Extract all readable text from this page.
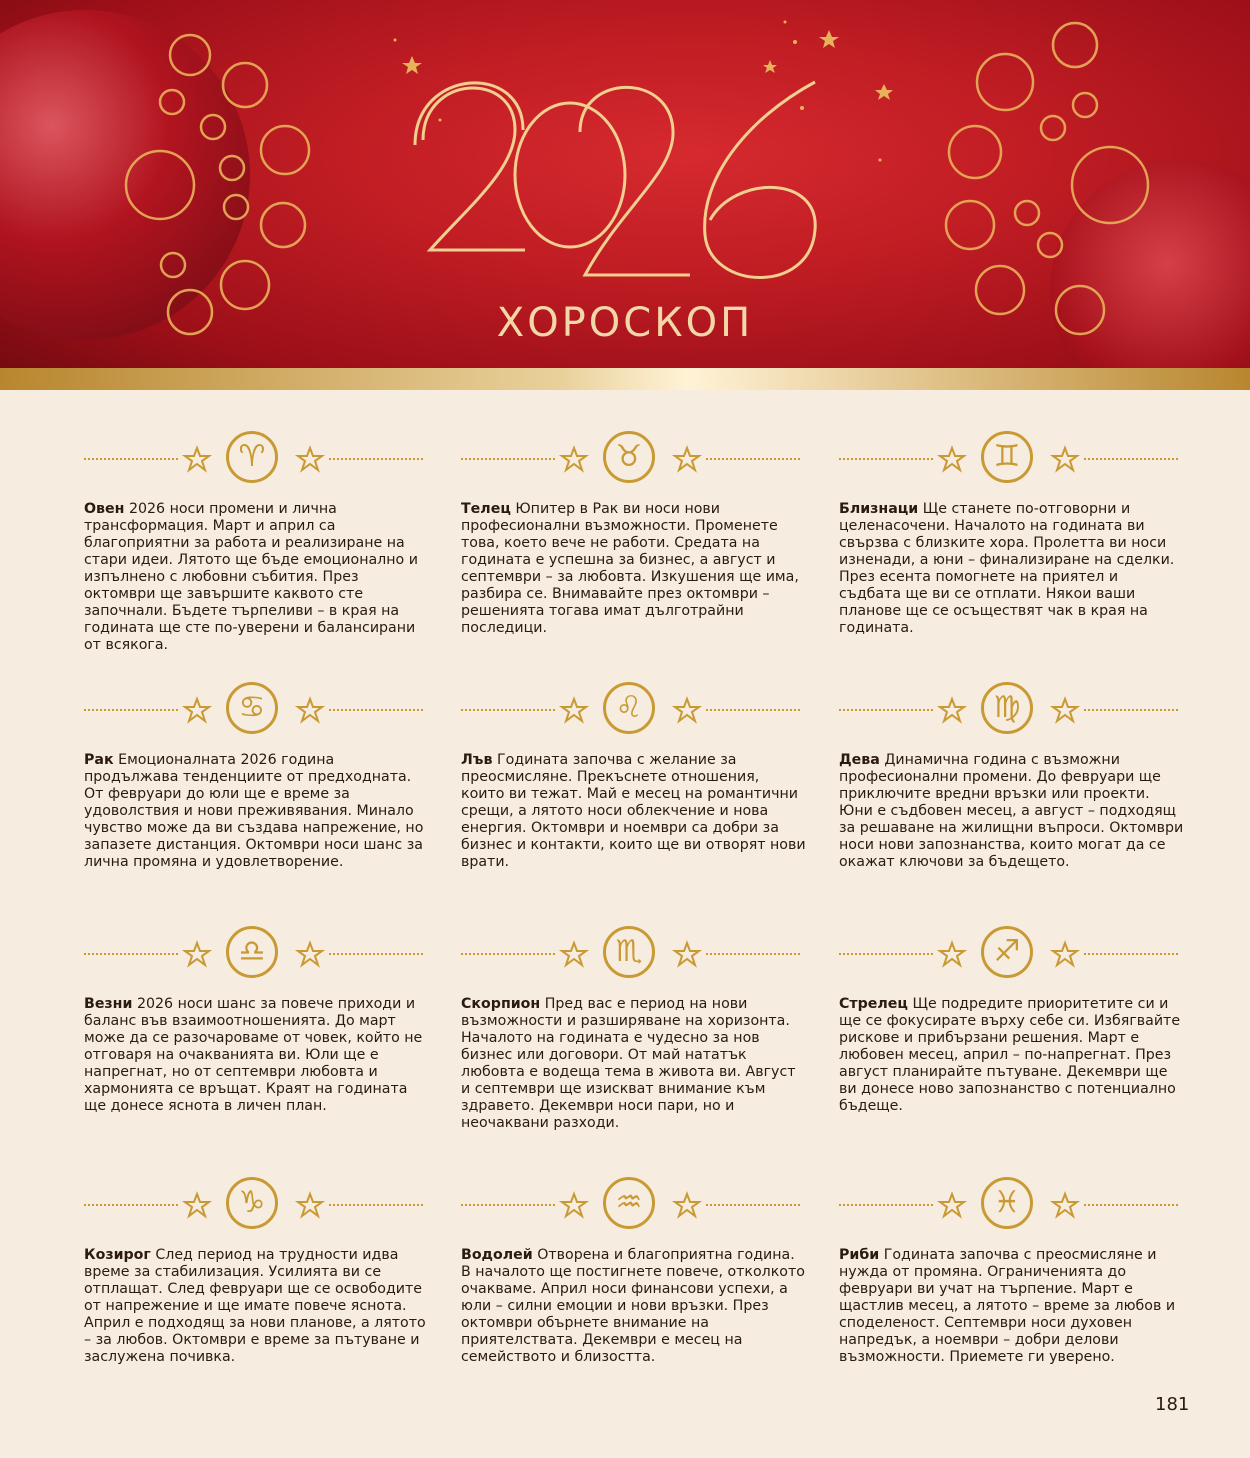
ХОРОСКОП
♈

Овен 2026 носи промени и лична трансформация. Март и април са благоприятни за работа и реализиране на стари идеи. Лятото ще бъде емоционално и изпълнено с любовни събития. През октомври ще завършите каквото сте започнали. Бъдете търпеливи – в края на годината ще сте по-уверени и балансирани от всякога.

♉

Телец Юпитер в Рак ви носи нови професионални възможности. Променете това, което вече не работи. Средата на годината е успешна за бизнес, а август и септември – за любовта. Изкушения ще има, разбира се. Внимавайте през октомври – решенията тогава имат дълготрайни последици.

♊

Близнаци Ще станете по-отговорни и целенасочени. Началото на годината ви свързва с близките хора. Пролетта ви носи изненади, а юни – финализиране на сделки. През есента помогнете на приятел и съдбата ще ви се отплати. Някои ваши планове ще се осъществят чак в края на годината.

♋

Рак Емоционалната 2026 година продължава тенденциите от предходната. От февруари до юли ще е време за удоволствия и нови преживявания. Минало чувство може да ви създава напрежение, но запазете дистанция. Октомври носи шанс за лична промяна и удовлетворение.

♌

Лъв Годината започва с желание за преосмисляне. Прекъснете отношения, които ви тежат. Май е месец на романтични срещи, а лятото носи облекчение и нова енергия. Октомври и ноември са добри за бизнес и контакти, които ще ви отворят нови врати.

♍

Дева Динамична година с възможни професионални промени. До февруари ще приключите вредни връзки или проекти. Юни е съдбовен месец, а август – подходящ за решаване на жилищни въпроси. Октомври носи нови запознанства, които могат да се окажат ключови за бъдещето.

♎

Везни 2026 носи шанс за повече приходи и баланс във взаимоотношенията. До март може да се разочароваме от човек, който не отговаря на очакванията ви. Юли ще е напрегнат, но от септември любовта и хармонията се връщат. Краят на годината ще донесе яснота в личен план.

♏

Скорпион Пред вас е период на нови възможности и разширяване на хоризонта. Началото на годината е чудесно за нов бизнес или договори. От май нататък любовта е водеща тема в живота ви. Август и септември ще изискват внимание към здравето. Декември носи пари, но и неочаквани разходи.

♐

Стрелец Ще подредите приоритетите си и ще се фокусирате върху себе си. Избягвайте рискове и прибързани решения. Март е любовен месец, април – по-напрегнат. През август планирайте пътуване. Декември ще ви донесе ново запознанство с потенциално бъдеще.

♑

Козирог След период на трудности идва време за стабилизация. Усилията ви се отплащат. След февруари ще се освободите от напрежение и ще имате повече яснота. Април е подходящ за нови планове, а лятото – за любов. Октомври е време за пътуване и заслужена почивка.

♒

Водолей Отворена и благоприятна година. В началото ще постигнете повече, отколкото очакваме. Април носи финансови успехи, а юли – силни емоции и нови връзки. През октомври обърнете внимание на приятелствата. Декември е месец на семейството и близостта.

♓

Риби Годината започва с преосмисляне и нужда от промяна. Ограниченията до февруари ви учат на търпение. Март е щастлив месец, а лятото – време за любов и споделеност. Септември носи духовен напредък, а ноември – добри делови възможности. Приемете ги уверено.

181
